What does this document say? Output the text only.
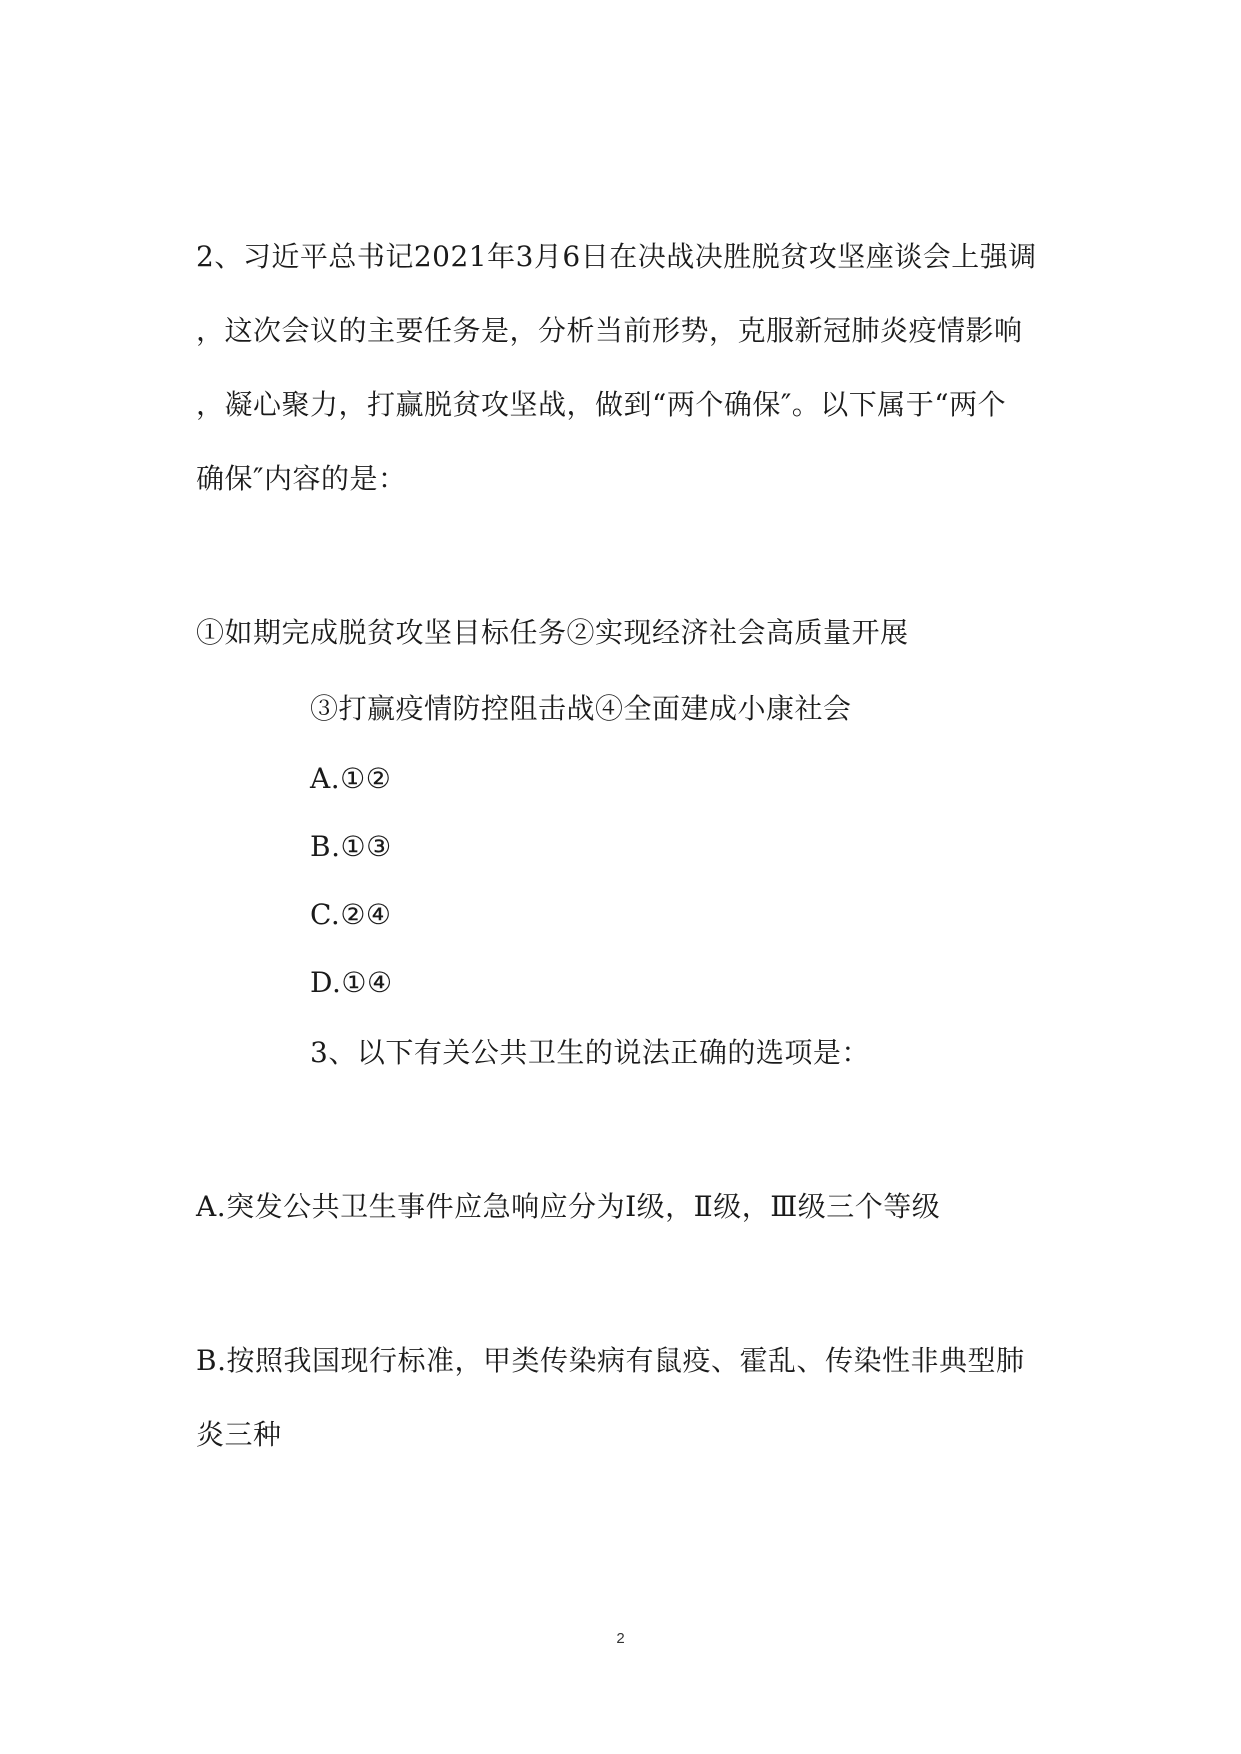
2、习近平总书记2021年3月6日在决战决胜脱贫攻坚座谈会上强调
，这次会议的主要任务是，分析当前形势，克服新冠肺炎疫情影响
，凝心聚力，打赢脱贫攻坚战，做到“两个确保″。以下属于“两个
确保″内容的是：
①如期完成脱贫攻坚目标任务②实现经济社会高质量开展
③打赢疫情防控阻击战④全面建成小康社会
A.①②
B.①③
C.②④
D.①④
3、以下有关公共卫生的说法正确的选项是：
A.突发公共卫生事件应急响应分为Ⅰ级，Ⅱ级，Ⅲ级三个等级
B.按照我国现行标准，甲类传染病有鼠疫、霍乱、传染性非典型肺
炎三种
2
